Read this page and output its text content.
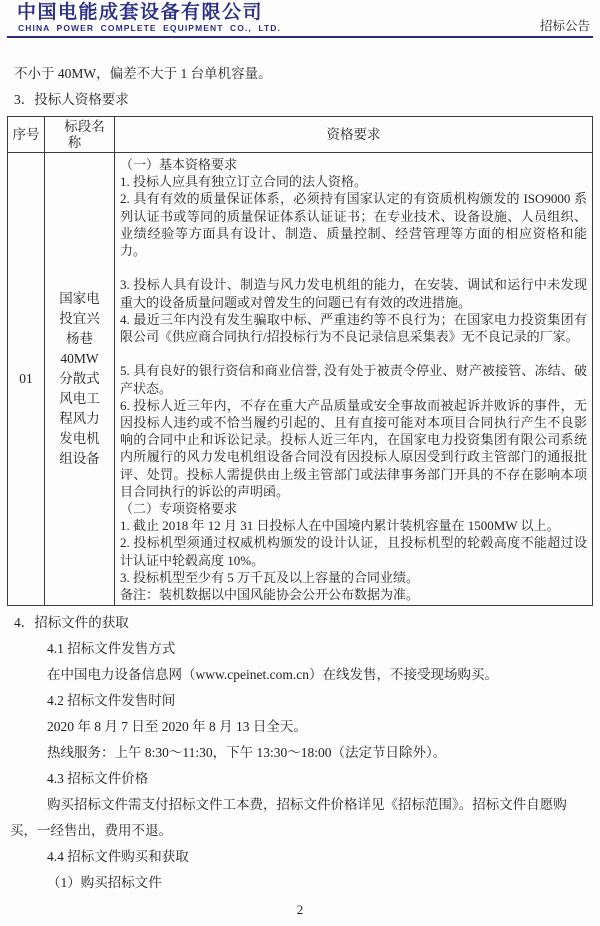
中国电能成套设备有限公司
CHINA POWER COMPLETE EQUIPMENT CO., LTD.	招标公告

不小于 40MW，偏差不大于 1 台单机容量。

3．投标人资格要求

序号	标段名称	资格要求
01	国家电投宜兴杨巷40MW 分散式风电工程风力发电机组设备	
（一）基本资格要求
1. 投标人应具有独立订立合同的法人资格。
2. 具有有效的质量保证体系，必须持有国家认定的有资质机构颁发的 ISO9000 系列认证书或等同的质量保证体系认证证书；在专业技术、设备设施、人员组织、业绩经验等方面具有设计、制造、质量控制、经营管理等方面的相应资格和能力。

3. 投标人具有设计、制造与风力发电机组的能力，在安装、调试和运行中未发现重大的设备质量问题或对曾发生的问题已有有效的改进措施。
4. 最近三年内没有发生骗取中标、严重违约等不良行为；在国家电力投资集团有限公司《供应商合同执行/招投标行为不良记录信息采集表》无不良记录的厂家。

5. 具有良好的银行资信和商业信誉, 没有处于被责令停业、财产被接管、冻结、破产状态。
6. 投标人近三年内，不存在重大产品质量或安全事故而被起诉并败诉的事件，无因投标人违约或不恰当履约引起的、且有直接可能对本项目合同执行产生不良影响的合同中止和诉讼记录。投标人近三年内，在国家电力投资集团有限公司系统内所履行的风力发电机组设备合同没有因投标人原因受到行政主管部门的通报批评、处罚。投标人需提供由上级主管部门或法律事务部门开具的不存在影响本项目合同执行的诉讼的声明函。
（二）专项资格要求
1. 截止 2018 年 12 月 31 日投标人在中国境内累计装机容量在 1500MW 以上。
2. 投标机型须通过权威机构颁发的设计认证，且投标机型的轮毂高度不能超过设计认证中轮毂高度 10%。
3. 投标机型至少有 5 万千瓦及以上容量的合同业绩。
备注：装机数据以中国风能协会公开公布数据为准。

4．招标文件的获取

4.1 招标文件发售方式

在中国电力设备信息网（www.cpeinet.com.cn）在线发售，不接受现场购买。

4.2 招标文件发售时间

2020 年 8 月 7 日至 2020 年 8 月 13 日全天。

热线服务：上午 8:30～11:30，下午 13:30～18:00（法定节日除外）。

4.3 招标文件价格

购买招标文件需支付招标文件工本费，招标文件价格详见《招标范围》。招标文件自愿购买，一经售出，费用不退。

4.4 招标文件购买和获取

（1）购买招标文件

2
